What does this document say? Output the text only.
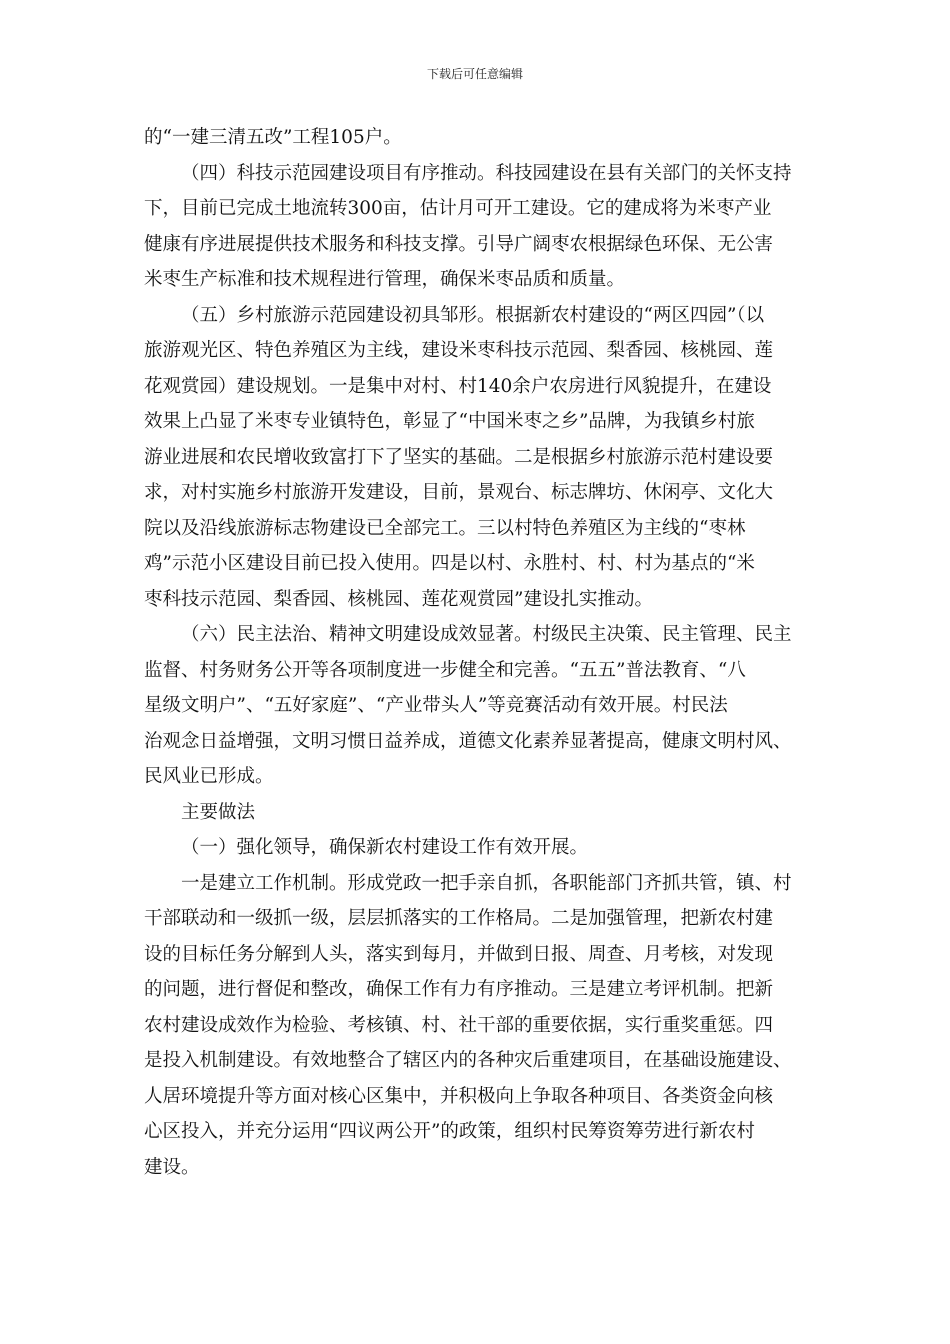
下载后可任意编辑
的“一建三清五改”工程105户。
（四）科技示范园建设项目有序推动。科技园建设在县有关部门的关怀支持
下，目前已完成土地流转300亩，估计月可开工建设。它的建成将为米枣产业
健康有序进展提供技术服务和科技支撑。引导广阔枣农根据绿色环保、无公害
米枣生产标准和技术规程进行管理，确保米枣品质和质量。
（五）乡村旅游示范园建设初具邹形。根据新农村建设的“两区四园”（以
旅游观光区、特色养殖区为主线，建设米枣科技示范园、梨香园、核桃园、莲
花观赏园）建设规划。一是集中对村、村140余户农房进行风貌提升，在建设
效果上凸显了米枣专业镇特色，彰显了“中国米枣之乡”品牌，为我镇乡村旅
游业进展和农民增收致富打下了坚实的基础。二是根据乡村旅游示范村建设要
求，对村实施乡村旅游开发建设，目前，景观台、标志牌坊、休闲亭、文化大
院以及沿线旅游标志物建设已全部完工。三以村特色养殖区为主线的“枣林
鸡”示范小区建设目前已投入使用。四是以村、永胜村、村、村为基点的“米
枣科技示范园、梨香园、核桃园、莲花观赏园”建设扎实推动。
（六）民主法治、精神文明建设成效显著。村级民主决策、民主管理、民主
监督、村务财务公开等各项制度进一步健全和完善。“五五”普法教育、“八
星级文明户”、“五好家庭”、“产业带头人”等竞赛活动有效开展。村民法
治观念日益增强，文明习惯日益养成，道德文化素养显著提高，健康文明村风、
民风业已形成。
主要做法
（一）强化领导，确保新农村建设工作有效开展。
一是建立工作机制。形成党政一把手亲自抓，各职能部门齐抓共管，镇、村
干部联动和一级抓一级，层层抓落实的工作格局。二是加强管理，把新农村建
设的目标任务分解到人头，落实到每月，并做到日报、周查、月考核，对发现
的问题，进行督促和整改，确保工作有力有序推动。三是建立考评机制。把新
农村建设成效作为检验、考核镇、村、社干部的重要依据，实行重奖重惩。四
是投入机制建设。有效地整合了辖区内的各种灾后重建项目，在基础设施建设、
人居环境提升等方面对核心区集中，并积极向上争取各种项目、各类资金向核
心区投入，并充分运用“四议两公开”的政策，组织村民筹资筹劳进行新农村
建设。
